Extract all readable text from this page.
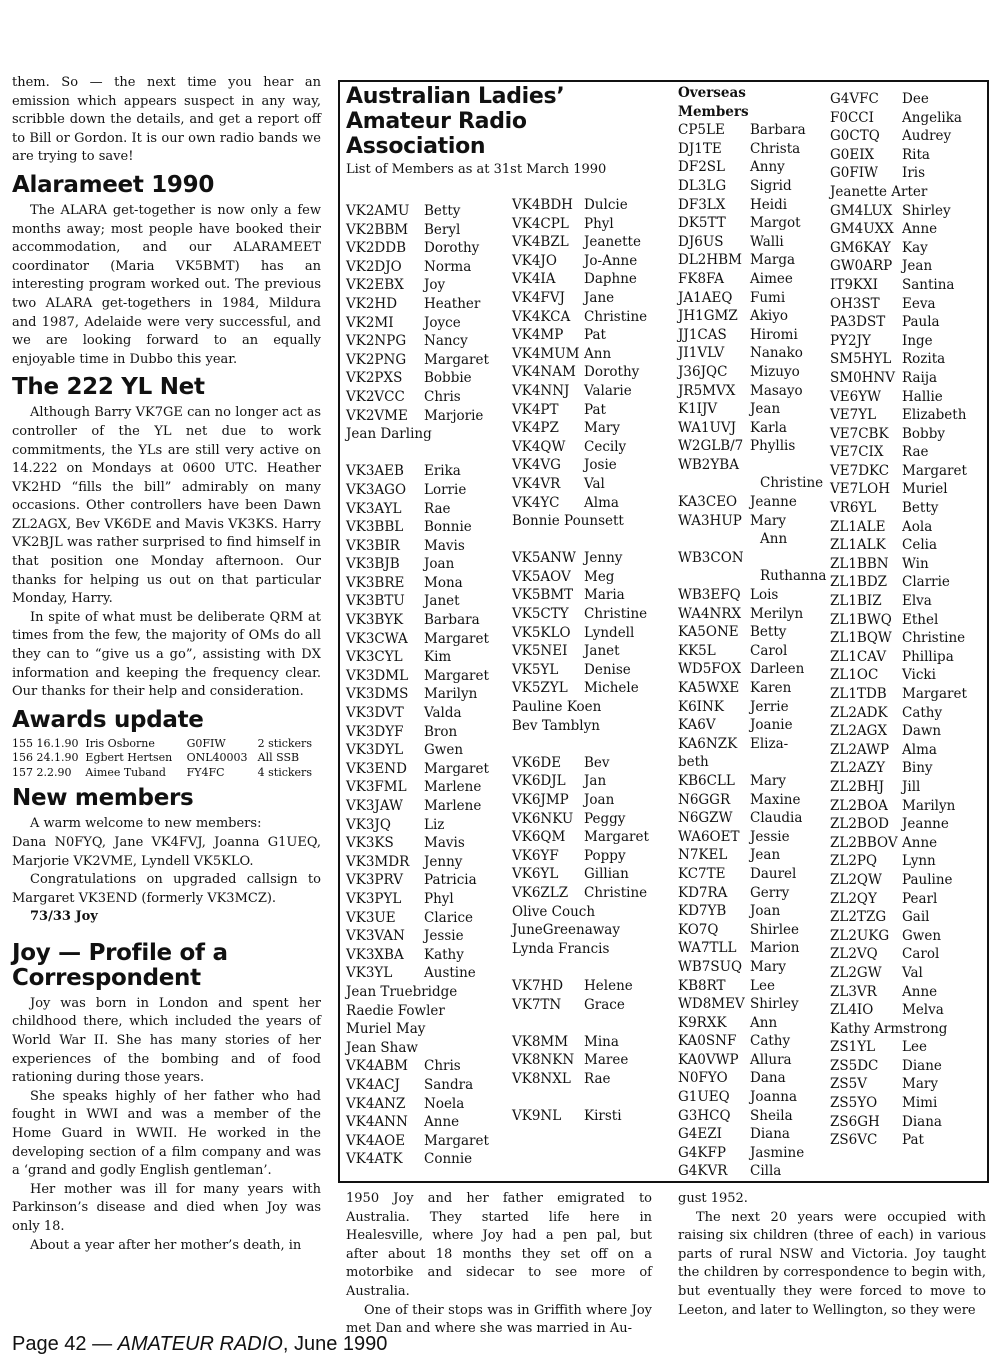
them. So — the next time you hear an emission which appears suspect in any way, scribble down the details, and get a report off to Bill or Gordon. It is our own radio bands we are trying to save!

Alarameet 1990

The ALARA get-together is now only a few months away; most people have booked their accommodation, and our ALARAMEET coordinator (Maria VK5BMT) has an interesting program worked out. The previous two ALARA get-togethers in 1984, Mildura and 1987, Adelaide were very successful, and we are looking forward to an equally enjoyable time in Dubbo this year.

The 222 YL Net

Although Barry VK7GE can no longer act as controller of the YL net due to work commitments, the YLs are still very active on 14.222 on Mondays at 0600 UTC. Heather VK2HD “fills the bill” admirably on many occasions. Other controllers have been Dawn ZL2AGX, Bev VK6DE and Mavis VK3KS. Harry VK2BJL was rather surprised to find himself in that position one Monday afternoon. Our thanks for helping us out on that particular Monday, Harry.

In spite of what must be deliberate QRM at times from the few, the majority of OMs do all they can to “give us a go”, assisting with DX information and keeping the frequency clear. Our thanks for their help and consideration.

Awards update
155	16.1.90	Iris Osborne	G0FIW	2 stickers
156	24.1.90	Egbert Hertsen	ONL40003	All SSB
157	2.2.90	Aimee Tuband	FY4FC	4 stickers
New members

A warm welcome to new members:

Dana N0FYQ, Jane VK4FVJ, Joanna G1UEQ, Marjorie VK2VME, Lyndell VK5KLO.

Congratulations on upgraded callsign to Margaret VK3END (formerly VK3MCZ).

73/33 Joy

Joy — Profile of a Correspondent

Joy was born in London and spent her childhood there, which included the years of World War II. She has many stories of her experiences of the bombing and of food rationing during those years.

She speaks highly of her father who had fought in WWI and was a member of the Home Guard in WWII. He worked in the developing section of a film company and was a ‘grand and godly English gentleman’.

Her mother was ill for many years with Parkinson’s disease and died when Joy was only 18.

About a year after her mother’s death, in

Australian Ladies’ Amateur Radio Association

List of Members as at 31st March 1990

VK2AMU Betty
VK2BBM Beryl
VK2DDB Dorothy
VK2DJO Norma
VK2EBX Joy
VK2HD Heather
VK2MI Joyce
VK2NPG Nancy
VK2PNG Margaret
VK2PXS Bobbie
VK2VCC Chris
VK2VME Marjorie
Jean Darling
VK3AEB Erika
VK3AGO Lorrie
VK3AYL Rae
VK3BBL Bonnie
VK3BIR Mavis
VK3BJB Joan
VK3BRE Mona
VK3BTU Janet
VK3BYK Barbara
VK3CWA Margaret
VK3CYL Kim
VK3DML Margaret
VK3DMS Marilyn
VK3DVT Valda
VK3DYF Bron
VK3DYL Gwen
VK3END Margaret
VK3FML Marlene
VK3JAW Marlene
VK3JQ Liz
VK3KS Mavis
VK3MDR Jenny
VK3PRV Patricia
VK3PYL Phyl
VK3UE Clarice
VK3VAN Jessie
VK3XBA Kathy
VK3YL Austine
Jean Truebridge
Raedie Fowler
Muriel May
Jean Shaw
VK4ABM Chris
VK4ACJ Sandra
VK4ANZ Noela
VK4ANN Anne
VK4AOE Margaret
VK4ATK Connie
VK4BDH Dulcie
VK4CPL Phyl
VK4BZL Jeanette
VK4JO Jo-Anne
VK4IA Daphne
VK4FVJ Jane
VK4KCA Christine
VK4MP Pat
VK4MUM Ann
VK4NAM Dorothy
VK4NNJ Valarie
VK4PT Pat
VK4PZ Mary
VK4QW Cecily
VK4VG Josie
VK4VR Val
VK4YC Alma
Bonnie Pounsett
VK5ANW Jenny
VK5AOV Meg
VK5BMT Maria
VK5CTY Christine
VK5KLO Lyndell
VK5NEI Janet
VK5YL Denise
VK5ZYL Michele
Pauline Koen
Bev Tamblyn
VK6DE Bev
VK6DJL Jan
VK6JMP Joan
VK6NKU Peggy
VK6QM Margaret
VK6YF Poppy
VK6YL Gillian
VK6ZLZ Christine
Olive Couch
JuneGreenaway
Lynda Francis
VK7HD Helene
VK7TN Grace
VK8MM Mina
VK8NKN Maree
VK8NXL Rae
VK9NL Kirsti
Overseas Members
CP5LE Barbara
DJ1TE Christa
DF2SL Anny
DL3LG Sigrid
DF3LX Heidi
DK5TT Margot
DJ6US Walli
DL2HBM Marga
FK8FA Aimee
JA1AEQ Fumi
JH1GMZ Akiyo
JJ1CAS Hiromi
JI1VLV Nanako
J36JQC Mizuyo
JR5MVX Masayo
K1IJV Jean
WA1UVJ Karla
W2GLB/7 Phyllis
WB2YBA
Christine
KA3CEO Jeanne
WA3HUP Mary
Ann
WB3CON
Ruthanna
WB3EFQ Lois
WA4NRX Merilyn
KA5ONE Betty
KK5L	Carol
WD5FOX Darleen
KA5WXE Karen
K6INK Jerrie
KA6V	Joanie
KA6NZK Eliza-
beth
KB6CLL Mary
N6GGR Maxine
N6GZW Claudia
WA6OET Jessie
N7KEL Jean
KC7TE Daurel
KD7RA Gerry
KD7YB Joan
KO7Q Shirlee
WA7TLL Marion
WB7SUQ Mary
KB8RT Lee
WD8MEV Shirley
K9RXK Ann
KA0SNF Cathy
KA0VWP Allura
N0FYO Dana
G1UEQ Joanna
G3HCQ Sheila
G4EZI Diana
G4KFP Jasmine
G4KVR Cilla
G4VFC Dee
F0CCI Angelika
G0CTQ Audrey
G0EIX Rita
G0FIW Iris
Jeanette Arter
GM4LUX Shirley
GM4UXX Anne
GM6KAY Kay
GW0ARP Jean
IT9KXI Santina
OH3ST Eeva
PA3DST Paula
PY2JY Inge
SM5HYL Rozita
SM0HNV Raija
VE6YW Hallie
VE7YL Elizabeth
VE7CBK Bobby
VE7CIX Rae
VE7DKC Margaret
VE7LOH Muriel
VR6YL Betty
ZL1ALE Aola
ZL1ALK Celia
ZL1BBN Win
ZL1BDZ Clarrie
ZL1BIZ Elva
ZL1BWQ Ethel
ZL1BQW Christine
ZL1CAV Phillipa
ZL1OC Vicki
ZL1TDB Margaret
ZL2ADK Cathy
ZL2AGX Dawn
ZL2AWP Alma
ZL2AZY Biny
ZL2BHJ Jill
ZL2BOA Marilyn
ZL2BOD Jeanne
ZL2BBOV Anne
ZL2PQ Lynn
ZL2QW Pauline
ZL2QY Pearl
ZL2TZG Gail
ZL2UKG Gwen
ZL2VQ Carol
ZL2GW Val
ZL3VR Anne
ZL4IO Melva
Kathy Armstrong
ZS1YL Lee
ZS5DC Diane
ZS5V	Mary
ZS5YO Mimi
ZS6GH Diana
ZS6VC Pat

1950 Joy and her father emigrated to Australia. They started life here in Healesville, where Joy had a pen pal, but after about 18 months they set off on a motorbike and sidecar to see more of Australia.

One of their stops was in Griffith where Joy met Dan and where she was married in Au-

gust 1952.

The next 20 years were occupied with raising six children (three of each) in various parts of rural NSW and Victoria. Joy taught the children by correspondence to begin with, but eventually they were forced to move to Leeton, and later to Wellington, so they were

Page 42 — AMATEUR RADIO, June 1990
